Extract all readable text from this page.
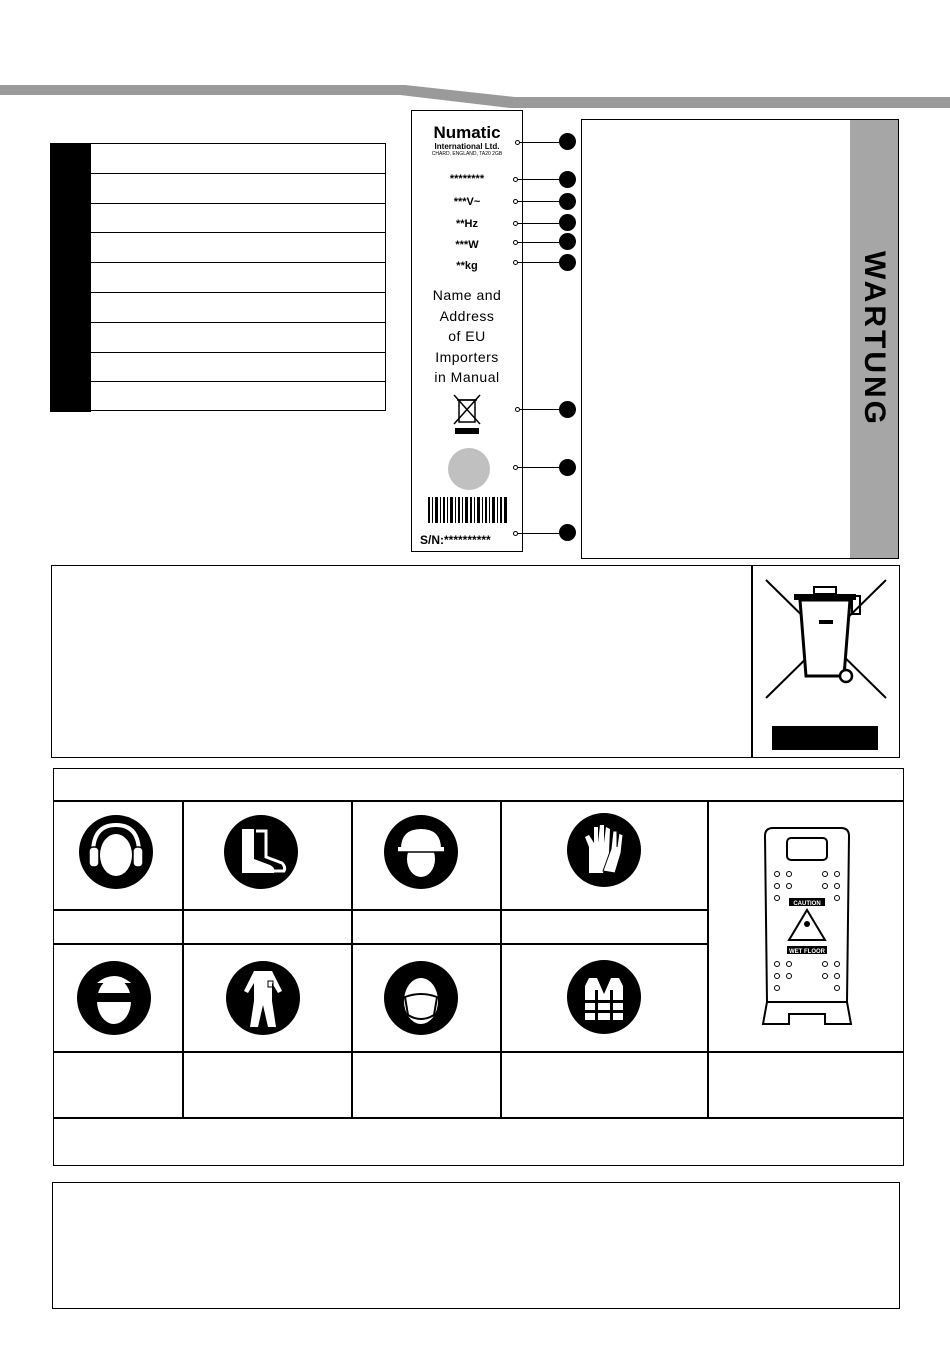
Numatic
International Ltd.
CHARD, ENGLAND, TA20 2GB
********
***V~
**Hz
***W
**kg
Name and
Address
of EU
Importers
in Manual
S/N:**********
WARTUNG
CAUTION
WET FLOOR
